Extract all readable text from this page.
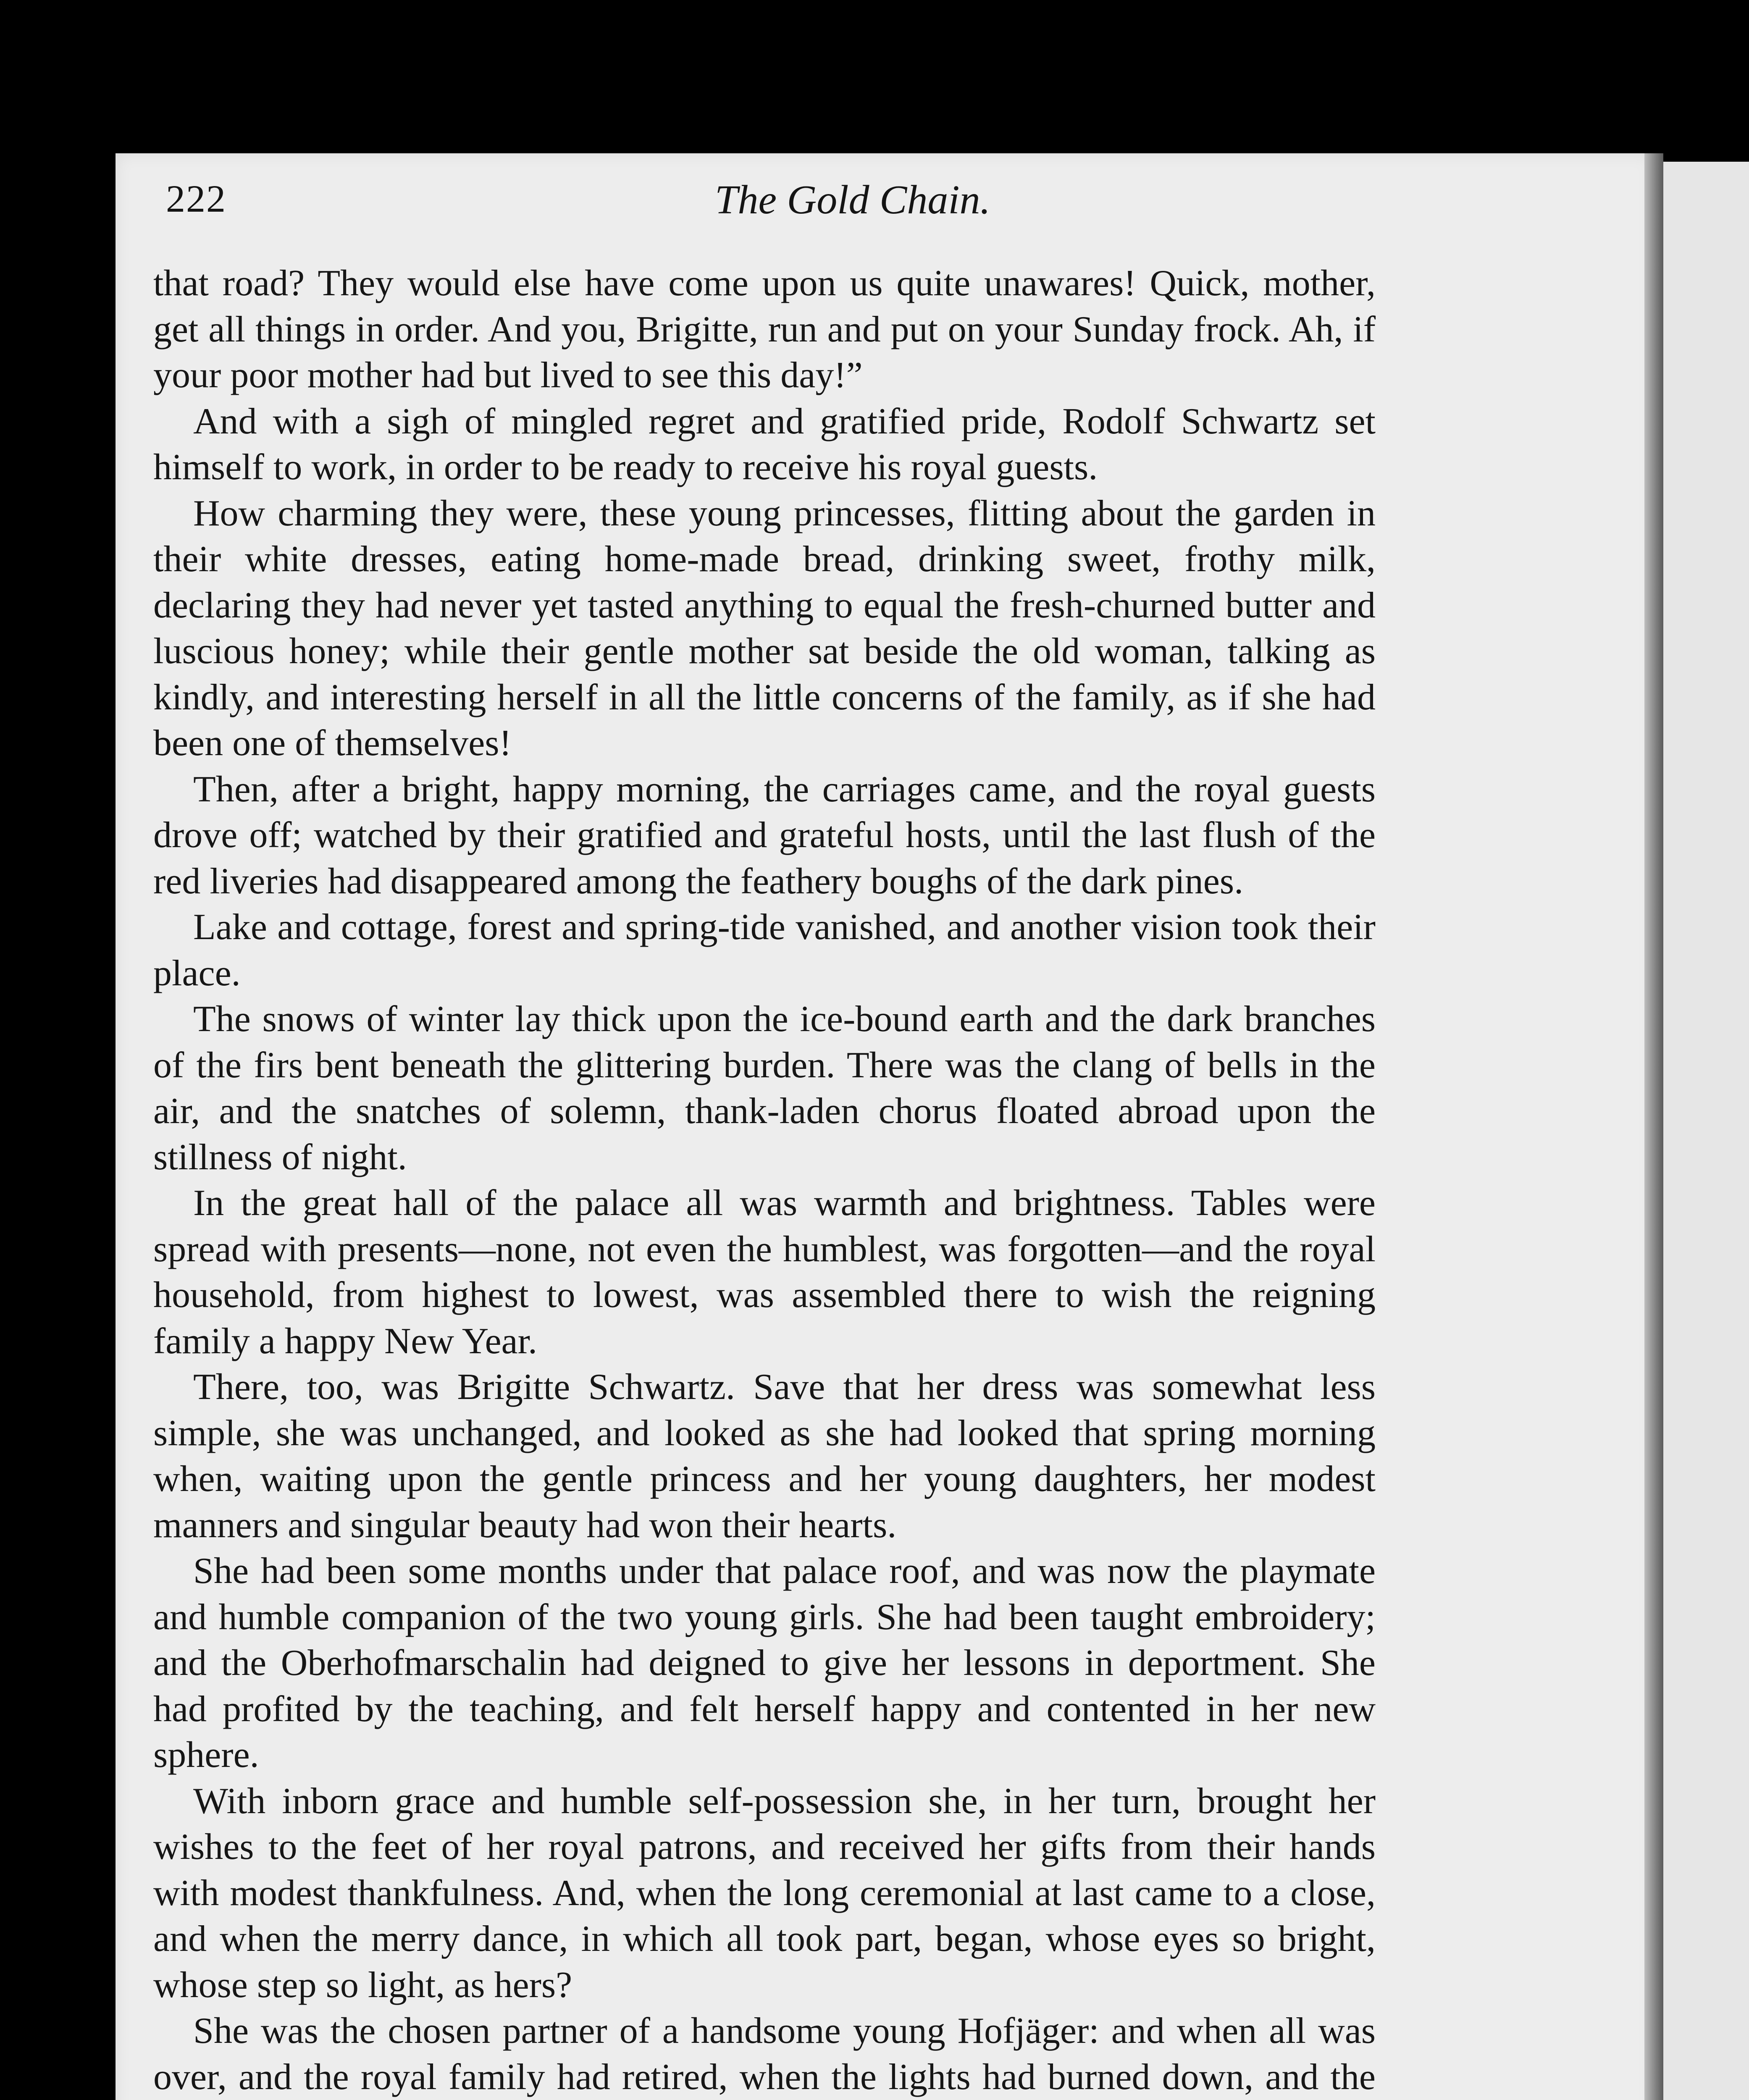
222	The Gold Chain.

that road? They would else have come upon us quite unawares! Quick, mother, get all things in order. And you, Brigitte, run and put on your Sunday frock. Ah, if your poor mother had but lived to see this day!”

And with a sigh of mingled regret and gratified pride, Rodolf Schwartz set himself to work, in order to be ready to receive his royal guests.

How charming they were, these young princesses, flitting about the garden in their white dresses, eating home-made bread, drinking sweet, frothy milk, declaring they had never yet tasted anything to equal the fresh-churned butter and luscious honey; while their gentle mother sat beside the old woman, talking as kindly, and interesting herself in all the little concerns of the family, as if she had been one of themselves!

Then, after a bright, happy morning, the carriages came, and the royal guests drove off; watched by their gratified and grateful hosts, until the last flush of the red liveries had disappeared among the feathery boughs of the dark pines.

Lake and cottage, forest and spring-tide vanished, and another vision took their place.

The snows of winter lay thick upon the ice-bound earth and the dark branches of the firs bent beneath the glittering burden. There was the clang of bells in the air, and the snatches of solemn, thank-laden chorus floated abroad upon the stillness of night.

In the great hall of the palace all was warmth and brightness. Tables were spread with presents—none, not even the humblest, was forgotten—and the royal household, from highest to lowest, was assembled there to wish the reigning family a happy New Year.

There, too, was Brigitte Schwartz. Save that her dress was somewhat less simple, she was unchanged, and looked as she had looked that spring morning when, waiting upon the gentle princess and her young daughters, her modest manners and singular beauty had won their hearts.

She had been some months under that palace roof, and was now the playmate and humble companion of the two young girls. She had been taught embroidery; and the Oberhofmarschalin had deigned to give her lessons in deportment. She had profited by the teaching, and felt herself happy and contented in her new sphere.

With inborn grace and humble self-possession she, in her turn, brought her wishes to the feet of her royal patrons, and received her gifts from their hands with modest thankfulness. And, when the long ceremonial at last came to a close, and when the merry dance, in which all took part, began, whose eyes so bright, whose step so light, as hers?

She was the chosen partner of a handsome young Hofjäger: and when all was over, and the royal family had retired, when the lights had burned down, and the
